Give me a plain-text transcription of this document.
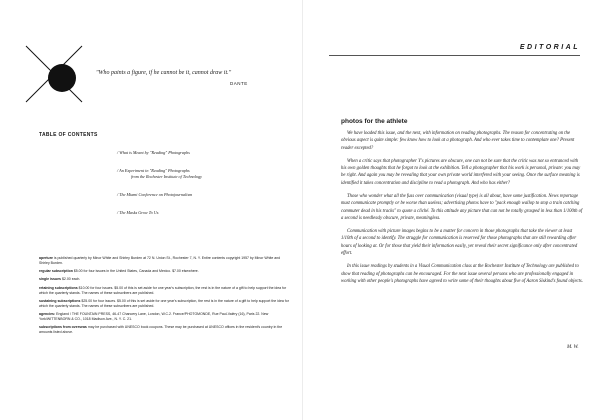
"Who paints a figure, if he cannot be it, cannot draw it."
DANTE
TABLE OF CONTENTS
/ What is Meant by "Reading" Photographs
/ An Experiment in "Reading" Photographs
from the Rochester Institute of Technology
/ The Miami Conference on Photojournalism
/ The Masks Grow To Us

aperture is published quarterly by Minor White and Shirley Burden at 72 N. Union St., Rochester 7, N. Y. Entire contents copyright 1957 by Minor White and Shirley Burden.

regular subscription $5.00 for four issues in the United States, Canada and Mexico. $7.00 elsewhere.

single issues $2.00 each.

retaining subscriptions $10.00 for four issues. $5.00 of this is set aside for one year's subscription, the rest is in the nature of a gift to help support the idea for which the quarterly stands. The names of these subscribers are published.

sustaining subscriptions $25.00 for four issues. $5.00 of this is set aside for one year's subscription, the rest is in the nature of a gift to help support the idea for which the quarterly stands. The names of these subscribers are published.

agencies: England / THE FOUNTAIN PRESS, 46-47 Chancery Lane, London, W.C.2. France/PHOTOMONDE, Rue Paul-Valéry (16), Paris 22. New York/WITTENBORN & CO., 1018 Madison Ave., N. Y. C. 21.

subscriptions from overseas may be purchased with UNESCO book coupons. These may be purchased at UNESCO offices in the resident's country in the amounts listed above.

EDITORIAL
photos for the athlete

We have loaded this issue, and the next, with information on reading photographs. The reason for concentrating on the obvious aspect is quite simple: few know how to look at a photograph. And who ever takes time to contemplate one? Present reader excepted?

When a critic says that photographer Y's pictures are obscure, one can not be sure that the critic was not so entranced with his own golden thoughts that he forgot to look at the exhibition. Tell a photographer that his work is personal, private: you may be right. And again you may be revealing that your own private world interfered with your seeing. Once the surface meaning is identified it takes concentration and discipline to read a photograph. And who has either?

Those who wonder what all the fuss over communication (visual type) is all about, have some justification. News reportage must communicate promptly or be worse than useless; advertising photos have to "pack enough wallop to stop a train catching commuter dead in his tracks" to quote a cliché. To this attitude any picture that can not be totally grasped in less than 1/100th of a second is needlessly obscure, private, meaningless.

Communication with picture images begins to be a matter for concern in those photographs that take the viewer at least 1/10th of a second to identify. The struggle for communication is reserved for those photographs that are still rewarding after hours of looking at. Or for those that yield their information easily, yet reveal their secret significance only after concentrated effort.

In this issue readings by students in a Visual Communication class at the Rochester Institute of Technology are published to show that reading of photographs can be encouraged. For the next issue several persons who are professionally engaged in working with other people's photographs have agreed to write some of their thoughts about five of Aaron Siskind's found objects.

M. W.
